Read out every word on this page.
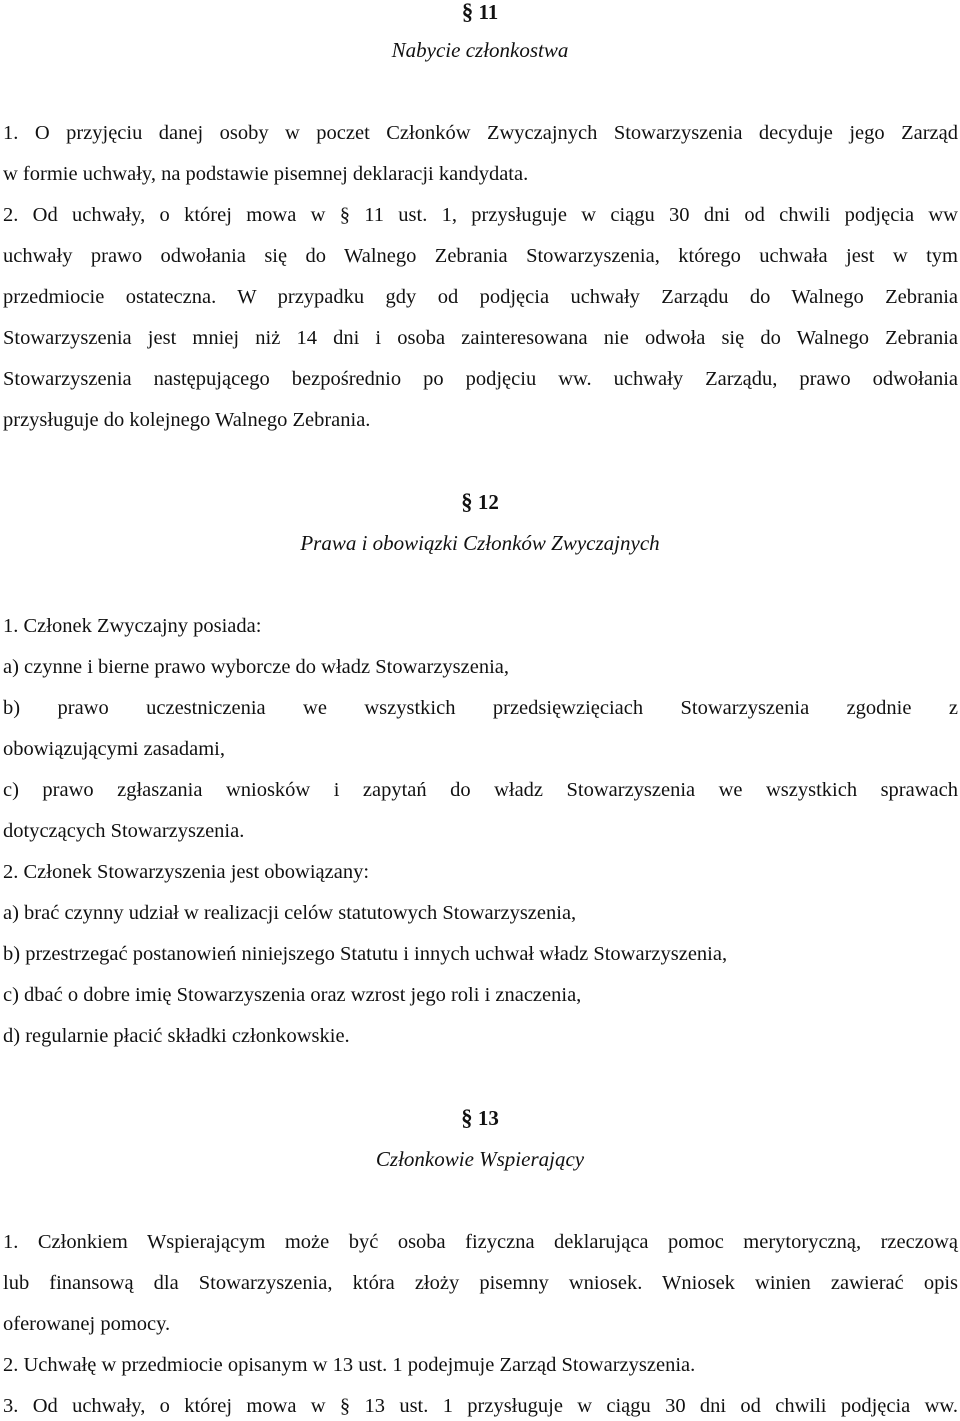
§ 11
Nabycie członkostwa
1. O przyjęciu danej osoby w poczet Członków Zwyczajnych Stowarzyszenia decyduje jego Zarząd
w formie uchwały, na podstawie pisemnej deklaracji kandydata.
2. Od uchwały, o której mowa w § 11 ust. 1, przysługuje w ciągu 30 dni od chwili podjęcia ww
uchwały prawo odwołania się do Walnego Zebrania Stowarzyszenia, którego uchwała jest w tym
przedmiocie ostateczna. W przypadku gdy od podjęcia uchwały Zarządu do Walnego Zebrania
Stowarzyszenia jest mniej niż 14 dni i osoba zainteresowana nie odwoła się do Walnego Zebrania
Stowarzyszenia następującego bezpośrednio po podjęciu ww. uchwały Zarządu, prawo odwołania
przysługuje do kolejnego Walnego Zebrania.
§ 12
Prawa i obowiązki Członków Zwyczajnych
1. Członek Zwyczajny posiada:
a) czynne i bierne prawo wyborcze do władz Stowarzyszenia,
b) prawo uczestniczenia we wszystkich przedsięwzięciach Stowarzyszenia zgodnie z
obowiązującymi zasadami,
c) prawo zgłaszania wniosków i zapytań do władz Stowarzyszenia we wszystkich sprawach
dotyczących Stowarzyszenia.
2. Członek Stowarzyszenia jest obowiązany:
a) brać czynny udział w realizacji celów statutowych Stowarzyszenia,
b) przestrzegać postanowień niniejszego Statutu i innych uchwał władz Stowarzyszenia,
c) dbać o dobre imię Stowarzyszenia oraz wzrost jego roli i znaczenia,
d) regularnie płacić składki członkowskie.
§ 13
Członkowie Wspierający
1. Członkiem Wspierającym może być osoba fizyczna deklarująca pomoc merytoryczną, rzeczową
lub finansową dla Stowarzyszenia, która złoży pisemny wniosek. Wniosek winien zawierać opis
oferowanej pomocy.
2. Uchwałę w przedmiocie opisanym w 13 ust. 1 podejmuje Zarząd Stowarzyszenia.
3. Od uchwały, o której mowa w § 13 ust. 1 przysługuje w ciągu 30 dni od chwili podjęcia ww.
